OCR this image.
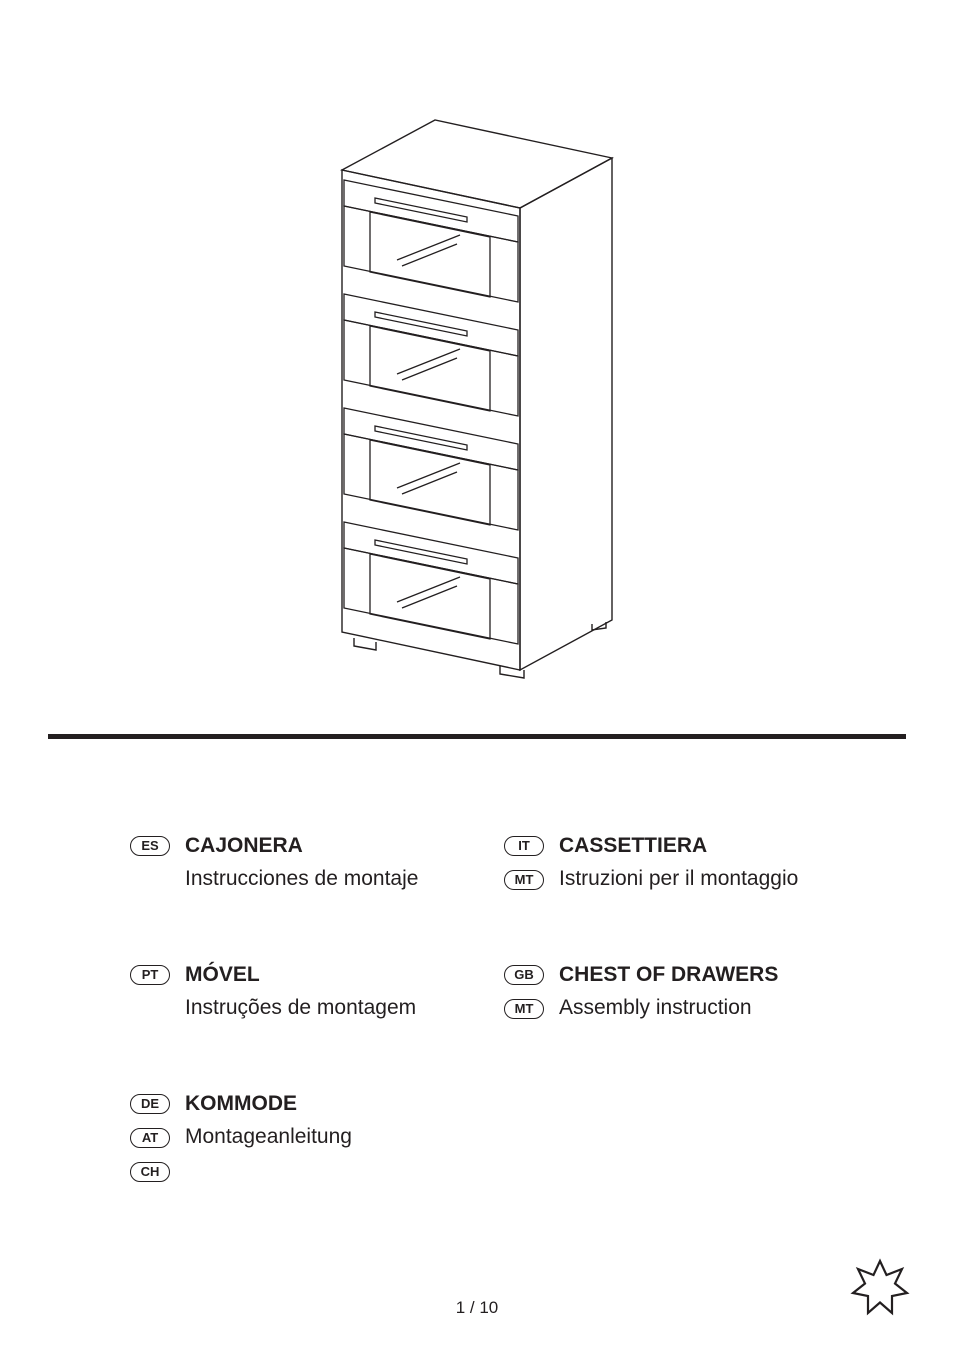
ES	CAJONERA
Instrucciones de montaje
IT
MT
CASSETTIERA
Istruzioni per il montaggio
PT	MÓVEL
Instruções de montagem
GB
MT
CHEST OF DRAWERS
Assembly instruction
DE
AT
CH
KOMMODE
Montageanleitung
1 / 10
